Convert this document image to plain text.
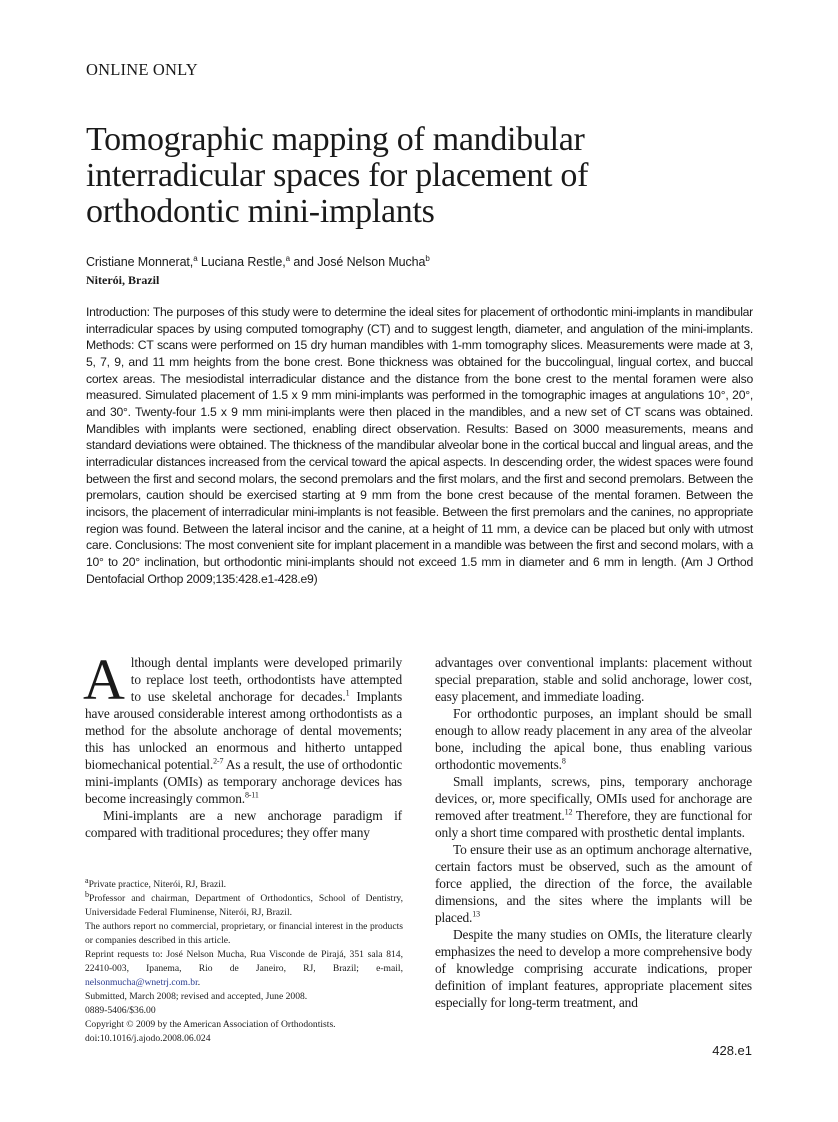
ONLINE ONLY
Tomographic mapping of mandibular interradicular spaces for placement of orthodontic mini-implants
Cristiane Monnerat,$^a$ Luciana Restle,$^a$ and José Nelson Mucha$^b$
Niterói, Brazil

Introduction: The purposes of this study were to determine the ideal sites for placement of orthodontic mini-implants in mandibular interradicular spaces by using computed tomography (CT) and to suggest length, diameter, and angulation of the mini-implants. Methods: CT scans were performed on 15 dry human mandibles with 1-mm tomography slices. Measurements were made at 3, 5, 7, 9, and 11 mm heights from the bone crest. Bone thickness was obtained for the buccolingual, lingual cortex, and buccal cortex areas. The mesiodistal interradicular distance and the distance from the bone crest to the mental foramen were also measured. Simulated placement of 1.5 x 9 mm mini-implants was performed in the tomographic images at angulations 10°, 20°, and 30°. Twenty-four 1.5 x 9 mm mini-implants were then placed in the mandibles, and a new set of CT scans was obtained. Mandibles with implants were sectioned, enabling direct observation. Results: Based on 3000 measurements, means and standard deviations were obtained. The thickness of the mandibular alveolar bone in the cortical buccal and lingual areas, and the interradicular distances increased from the cervical toward the apical aspects. In descending order, the widest spaces were found between the first and second molars, the second premolars and the first molars, and the first and second premolars. Between the premolars, caution should be exercised starting at 9 mm from the bone crest because of the mental foramen. Between the incisors, the placement of interradicular mini-implants is not feasible. Between the first premolars and the canines, no appropriate region was found. Between the lateral incisor and the canine, at a height of 11 mm, a device can be placed but only with utmost care. Conclusions: The most convenient site for implant placement in a mandible was between the first and second molars, with a 10° to 20° inclination, but orthodontic mini-implants should not exceed 1.5 mm in diameter and 6 mm in length. (Am J Orthod Dentofacial Orthop 2009;135:428.e1-428.e9)

Although dental implants were developed primarily to replace lost teeth, orthodontists have attempted to use skeletal anchorage for decades.$^1$ Implants have aroused considerable interest among orthodontists as a method for the absolute anchorage of dental movements; this has unlocked an enormous and hitherto untapped biomechanical potential.$^{2-7}$ As a result, the use of orthodontic mini-implants (OMIs) as temporary anchorage devices has become increasingly common.$^{8-11}$

Mini-implants are a new anchorage paradigm if compared with traditional procedures; they offer many

advantages over conventional implants: placement without special preparation, stable and solid anchorage, lower cost, easy placement, and immediate loading.

For orthodontic purposes, an implant should be small enough to allow ready placement in any area of the alveolar bone, including the apical bone, thus enabling various orthodontic movements.$^8$

Small implants, screws, pins, temporary anchorage devices, or, more specifically, OMIs used for anchorage are removed after treatment.$^{12}$ Therefore, they are functional for only a short time compared with prosthetic dental implants.

To ensure their use as an optimum anchorage alternative, certain factors must be observed, such as the amount of force applied, the direction of the force, the available dimensions, and the sites where the implants will be placed.$^{13}$

Despite the many studies on OMIs, the literature clearly emphasizes the need to develop a more comprehensive body of knowledge comprising accurate indications, proper definition of implant features, appropriate placement sites especially for long-term treatment, and

$^a$Private practice, Niterói, RJ, Brazil.
$^b$Professor and chairman, Department of Orthodontics, School of Dentistry, Universidade Federal Fluminense, Niterói, RJ, Brazil.
The authors report no commercial, proprietary, or financial interest in the products or companies described in this article.
Reprint requests to: José Nelson Mucha, Rua Visconde de Pirajá, 351 sala 814, 22410-003, Ipanema, Rio de Janeiro, RJ, Brazil; e-mail, nelsonmucha@wnetrj.com.br.
Submitted, March 2008; revised and accepted, June 2008.
0889-5406/$36.00
Copyright © 2009 by the American Association of Orthodontists.
doi:10.1016/j.ajodo.2008.06.024
428.e1
